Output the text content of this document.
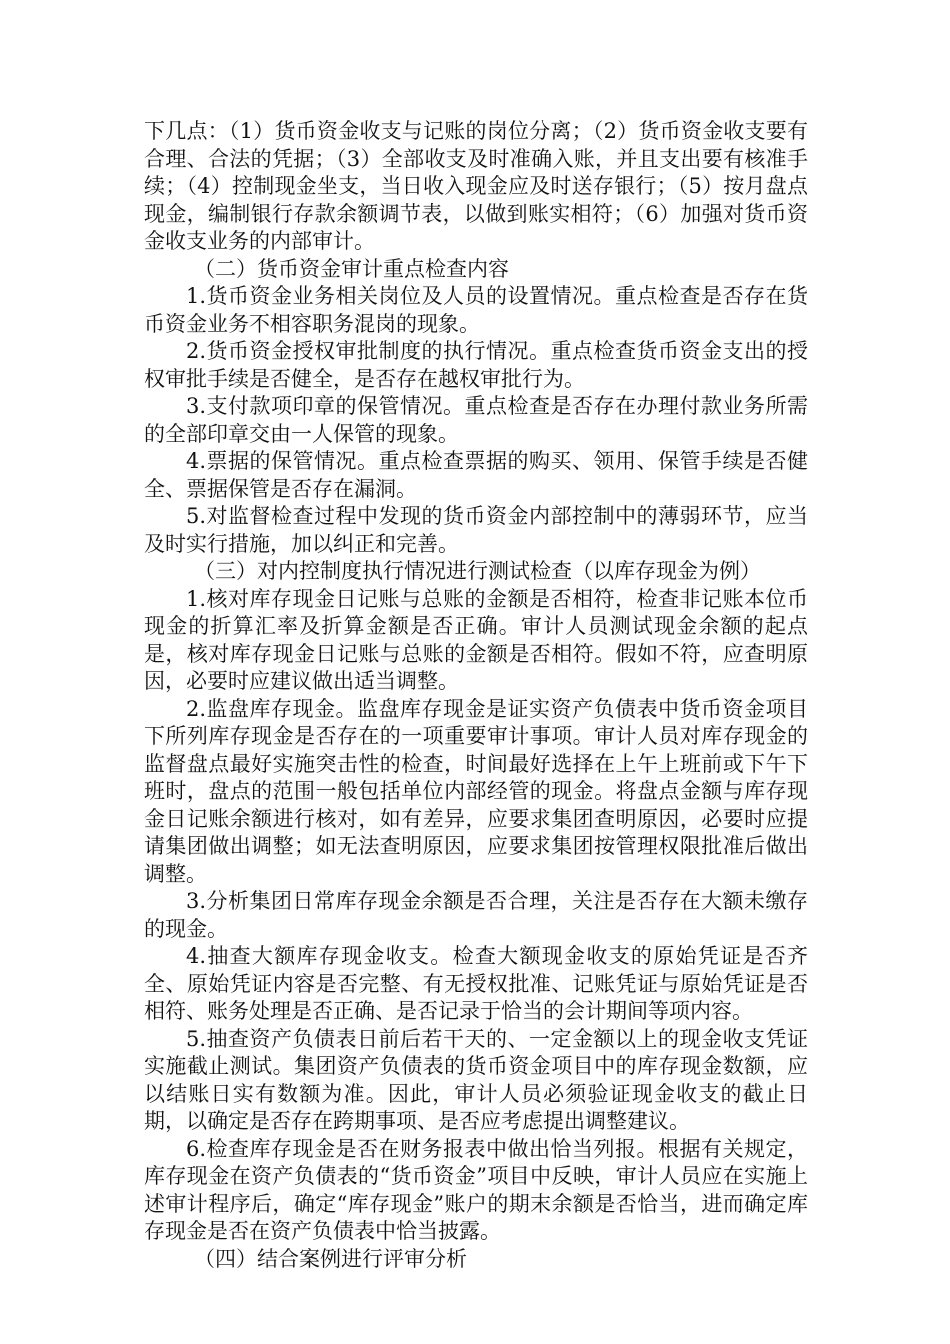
下几点：（1）货币资金收支与记账的岗位分离；（2）货币资金收支要有合理、合法的凭据；（3）全部收支及时准确入账，并且支出要有核准手续；（4）控制现金坐支，当日收入现金应及时送存银行；（5）按月盘点现金，编制银行存款余额调节表，以做到账实相符；（6）加强对货币资金收支业务的内部审计。

（二）货币资金审计重点检查内容

1.货币资金业务相关岗位及人员的设置情况。重点检查是否存在货币资金业务不相容职务混岗的现象。

2.货币资金授权审批制度的执行情况。重点检查货币资金支出的授权审批手续是否健全，是否存在越权审批行为。

3.支付款项印章的保管情况。重点检查是否存在办理付款业务所需的全部印章交由一人保管的现象。

4.票据的保管情况。重点检查票据的购买、领用、保管手续是否健全、票据保管是否存在漏洞。

5.对监督检查过程中发现的货币资金内部控制中的薄弱环节，应当及时实行措施，加以纠正和完善。

（三）对内控制度执行情况进行测试检查（以库存现金为例）

1.核对库存现金日记账与总账的金额是否相符，检查非记账本位币现金的折算汇率及折算金额是否正确。审计人员测试现金余额的起点是，核对库存现金日记账与总账的金额是否相符。假如不符，应查明原因，必要时应建议做出适当调整。

2.监盘库存现金。监盘库存现金是证实资产负债表中货币资金项目下所列库存现金是否存在的一项重要审计事项。审计人员对库存现金的监督盘点最好实施突击性的检查，时间最好选择在上午上班前或下午下班时，盘点的范围一般包括单位内部经管的现金。将盘点金额与库存现金日记账余额进行核对，如有差异，应要求集团查明原因，必要时应提请集团做出调整；如无法查明原因，应要求集团按管理权限批准后做出调整。

3.分析集团日常库存现金余额是否合理，关注是否存在大额未缴存的现金。

4.抽查大额库存现金收支。检查大额现金收支的原始凭证是否齐全、原始凭证内容是否完整、有无授权批准、记账凭证与原始凭证是否相符、账务处理是否正确、是否记录于恰当的会计期间等项内容。

5.抽查资产负债表日前后若干天的、一定金额以上的现金收支凭证实施截止测试。集团资产负债表的货币资金项目中的库存现金数额，应以结账日实有数额为准。因此，审计人员必须验证现金收支的截止日期，以确定是否存在跨期事项、是否应考虑提出调整建议。

6.检查库存现金是否在财务报表中做出恰当列报。根据有关规定，库存现金在资产负债表的“货币资金”项目中反映，审计人员应在实施上述审计程序后，确定“库存现金”账户的期末余额是否恰当，进而确定库存现金是否在资产负债表中恰当披露。

（四）结合案例进行评审分析
